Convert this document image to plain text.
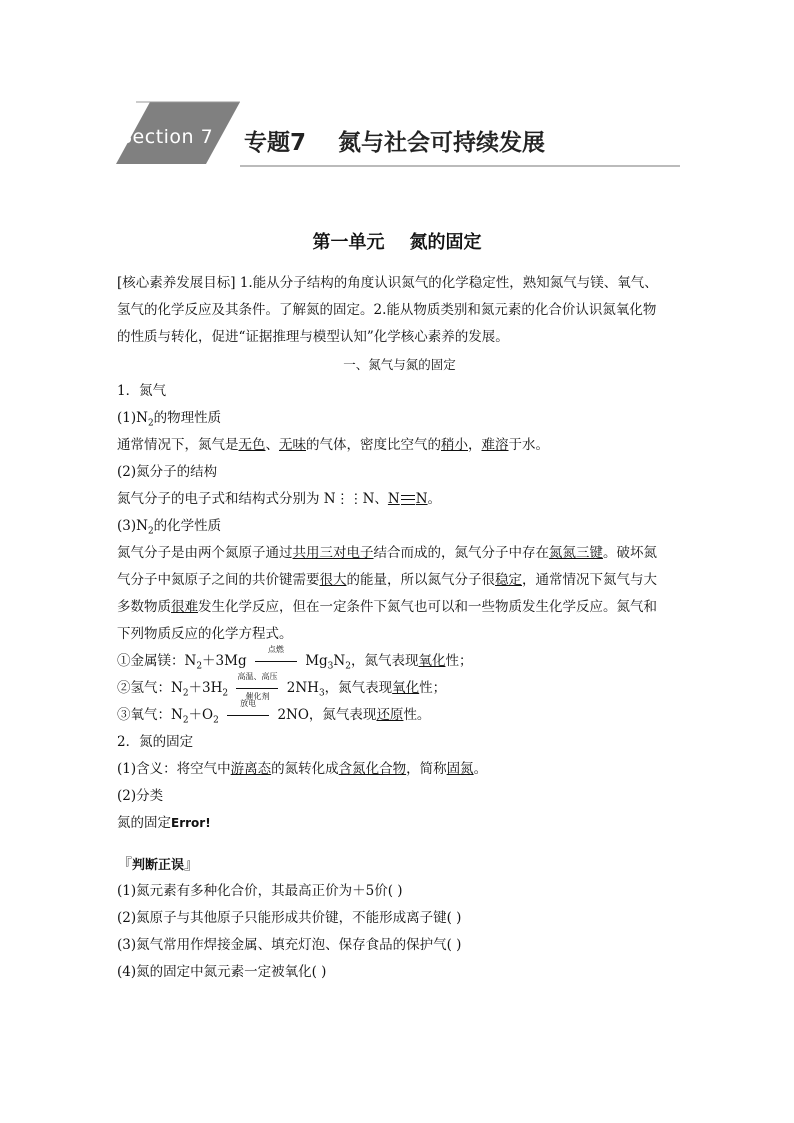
Section 7 专题7    氮与社会可持续发展
第一单元    氮的固定
[核心素养发展目标] 1.能从分子结构的角度认识氮气的化学稳定性，熟知氮气与镁、氧气、
氢气的化学反应及其条件。了解氮的固定。2.能从物质类别和氮元素的化合价认识氮氧化物
的性质与转化，促进“证据推理与模型认知”化学核心素养的发展。
一、氮气与氮的固定
1．氮气
$(1)N_2$的物理性质
通常情况下，氮气是无色、无味的气体，密度比空气的稍小，难溶于水。
(2)氮分子的结构
氮气分子的电子式和结构式分别为 N⋮⋮N、N N。
$(3)N_2$的化学性质
氮气分子是由两个氮原子通过共用三对电子结合而成的，氮气分子中存在氮氮三键。破坏氮
气分子中氮原子之间的共价键需要很大的能量，所以氮气分子很稳定，通常情况下氮气与大
多数物质很难发生化学反应，但在一定条件下氮气也可以和一些物质发生化学反应。氮气和
下列物质反应的化学方程式。
①金属镁：$N_2+3Mg$
点燃
$Mg_3N_2$，氮气表现氧化性；
②氢气：$N_2+3H_2$
高温、高压
催化剂	$2NH_3$，氮气表现氧化性；
③氧气：$N_2+O_2$
放电
2NO，氮气表现还原性。
2．氮的固定
(1)含义：将空气中游离态的氮转化成含氮化合物，简称固氮。
(2)分类
氮的固定Error!
『判断正误』
(1)氮元素有多种化合价，其最高正价为＋5价( )
(2)氮原子与其他原子只能形成共价键，不能形成离子键( )
(3)氮气常用作焊接金属、填充灯泡、保存食品的保护气( )
(4)氮的固定中氮元素一定被氧化( )
